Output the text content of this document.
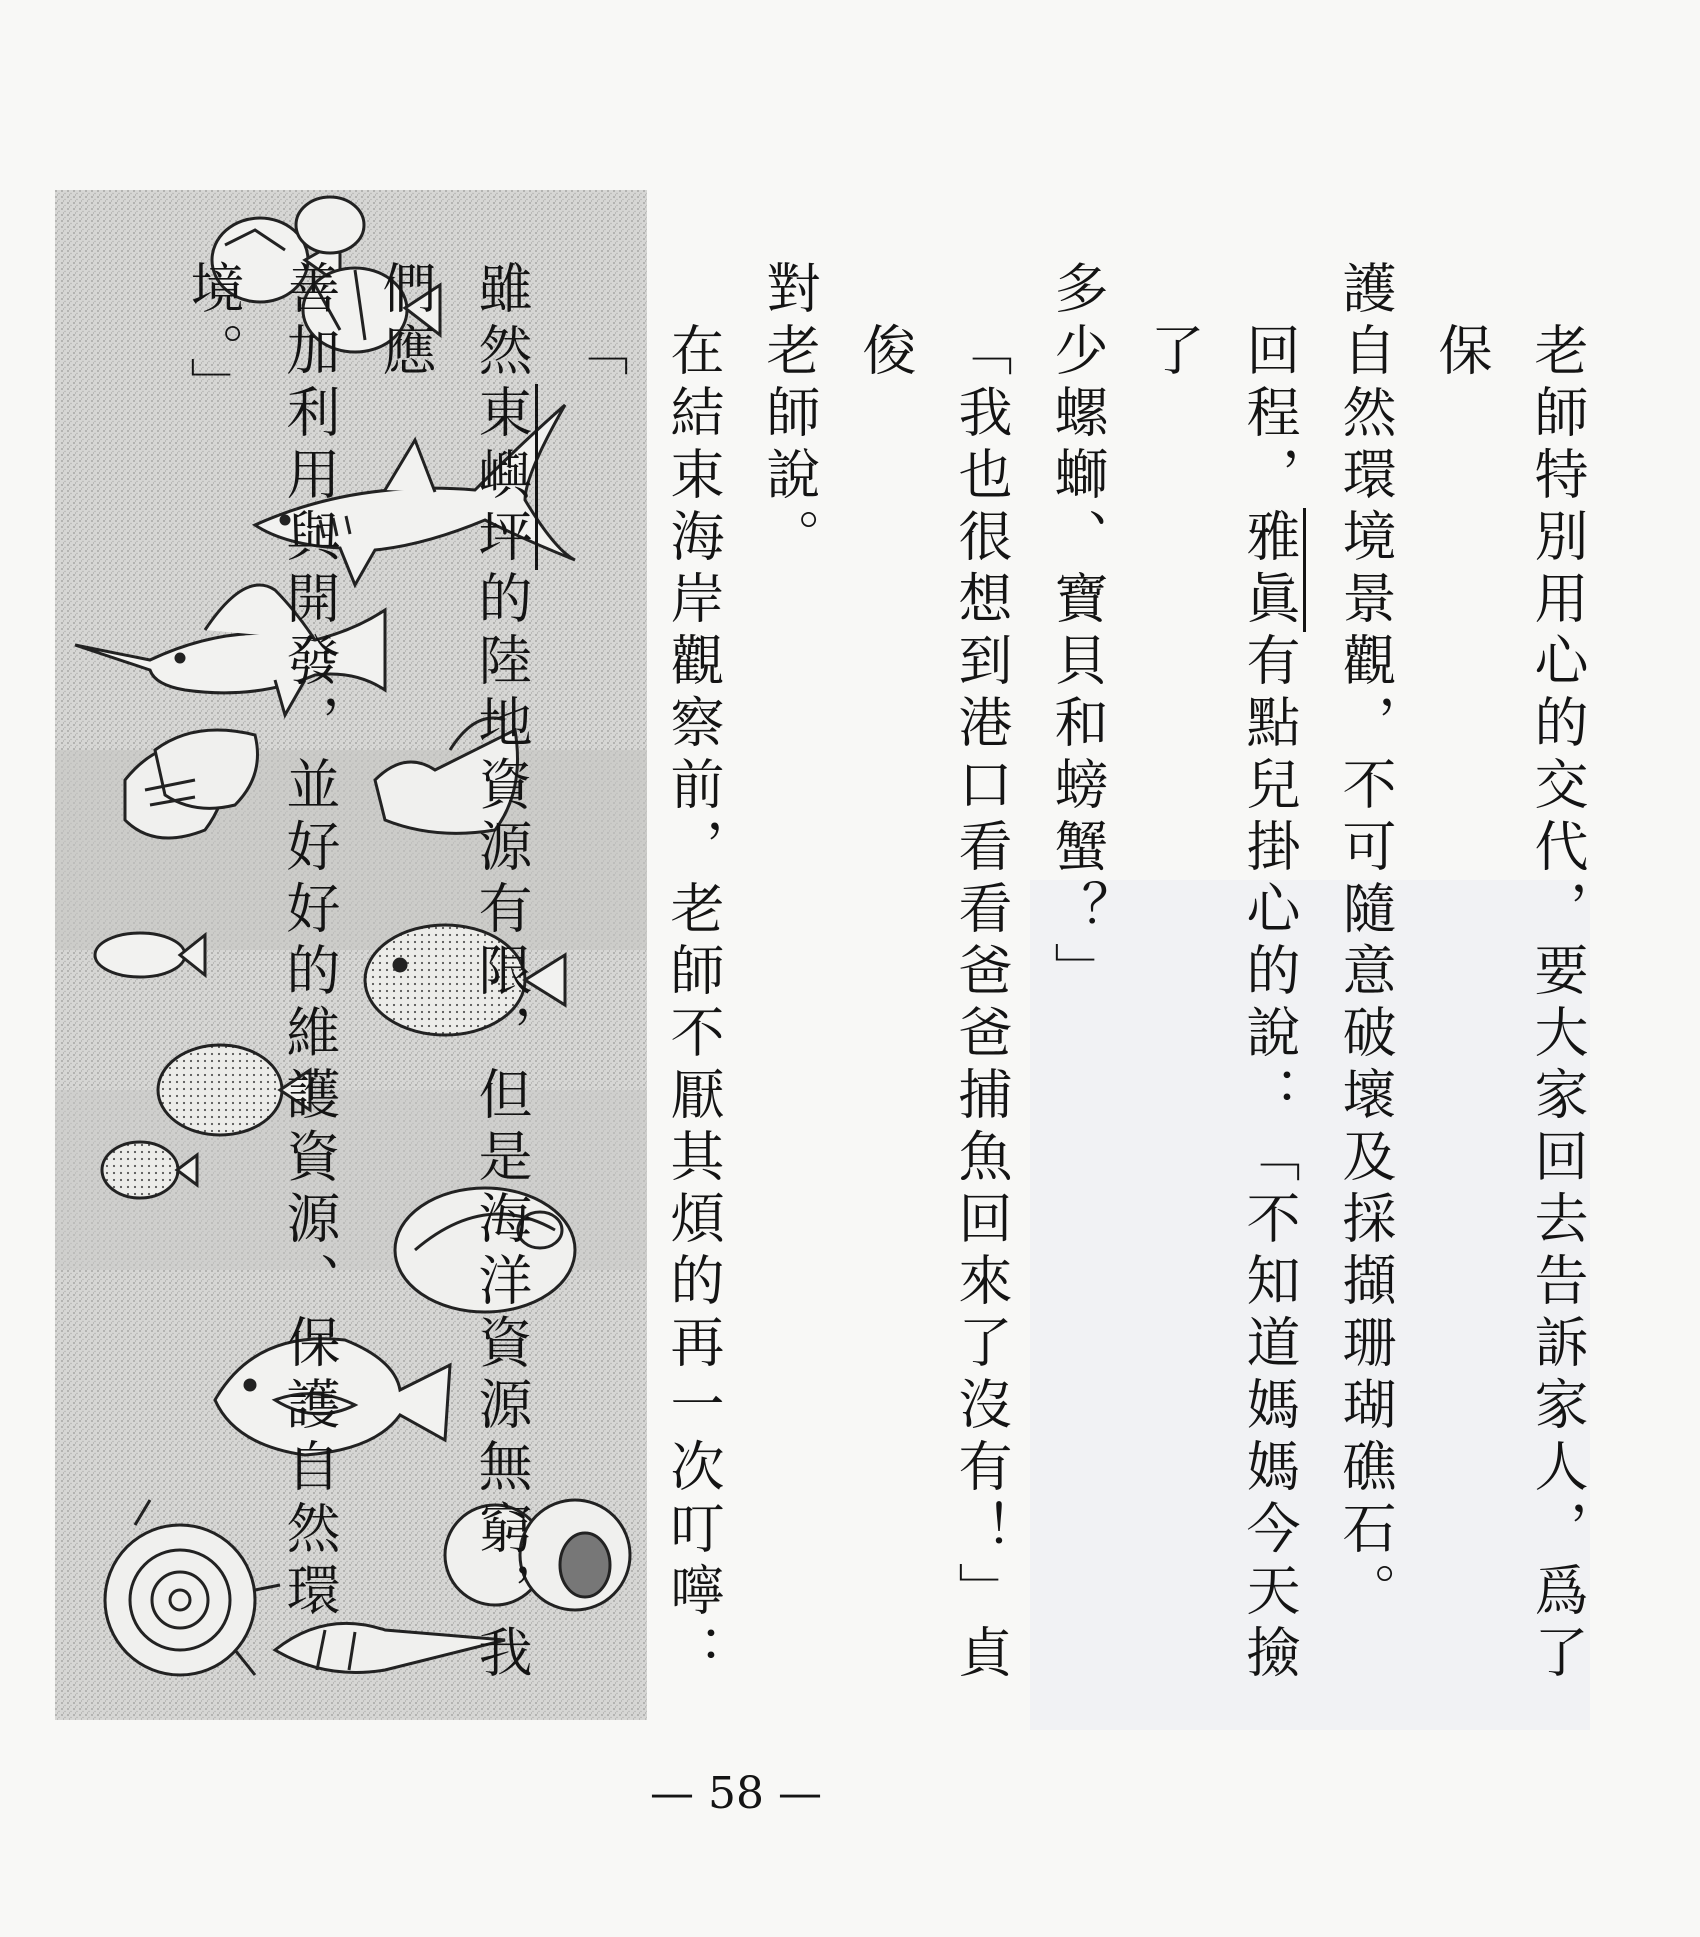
老師特別用心的交代，要大家回去告訴家人，爲了保

護自然環境景觀，不可隨意破壞及採擷珊瑚礁石。

回程，雅眞有點兒掛心的說：「不知道媽媽今天撿了

多少螺螄、寶貝和螃蟹？」

「我也很想到港口看看爸爸捕魚回來了沒有！」貞俊

對老師說。

在結束海岸觀察前，老師不厭其煩的再一次叮嚀：「

雖然東嶼坪的陸地資源有限，但是海洋資源無窮，我們應

善加利用與開發，並好好的維護資源、保護自然環境。」

— 58 —
